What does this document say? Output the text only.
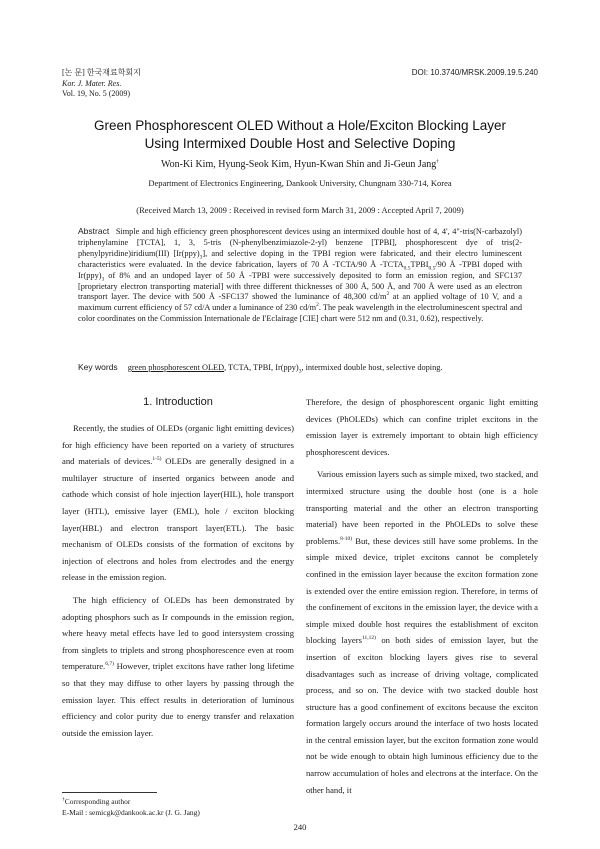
[논 문] 한국재료학회지
Kor. J. Mater. Res.
Vol. 19, No. 5 (2009)
DOI: 10.3740/MRSK.2009.19.5.240
Green Phosphorescent OLED Without a Hole/Exciton Blocking Layer
Using Intermixed Double Host and Selective Doping
Won-Ki Kim, Hyung-Seok Kim, Hyun-Kwan Shin and Ji-Geun Jang†
Department of Electronics Engineering, Dankook University, Chungnam 330-714, Korea
(Received March 13, 2009 : Received in revised form March 31, 2009 : Accepted April 7, 2009)
Abstract Simple and high efficiency green phosphorescent devices using an intermixed double host of 4, 4', 4"-tris(N-carbazolyl) triphenylamine [TCTA], 1, 3, 5-tris (N-phenylbenzimiazole-2-yl) benzene [TPBI], phosphorescent dye of tris(2- phenylpyridine)iridium(III) $[Ir(ppy)_3]$, and selective doping in the TPBI region were fabricated, and their electro luminescent characteristics were evaluated. In the device fabrication, layers of 70 Å -TCTA/90 Å $-TCTA_{0.5}TPBI_{0.5}/90$ Å -TPBI doped with $Ir(ppy)_3$ of 8% and an undoped layer of 50 Å -TPBI were successively deposited to form an emission region, and SFC137 [proprietary electron transporting material] with three different thicknesses of 300 Å, 500 Å, and 700 Å were used as an electron transport layer. The device with 500 Å -SFC137 showed the luminance of 48,300 $cd/m^2$ at an applied voltage of 10 V, and a maximum current efficiency of 57 cd/A under a luminance of 230 $cd/m^2$. The peak wavelength in the electroluminescent spectral and color coordinates on the Commission Internationale de I'Eclairage [CIE] chart were 512 nm and (0.31, 0.62), respectively.
Key words green phosphorescent OLED, TCTA, TPBI, $Ir(ppy)_3$, intermixed double host, selective doping.
1. Introduction

Recently, the studies of OLEDs (organic light emitting devices) for high efficiency have been reported on a variety of structures and materials of devices.$^{1-5)}$ OLEDs are generally designed in a multilayer structure of inserted organics between anode and cathode which consist of hole injection layer(HIL), hole transport layer (HTL), emissive layer (EML), hole / exciton blocking layer(HBL) and electron transport layer(ETL). The basic mechanism of OLEDs consists of the formation of excitons by injection of electrons and holes from electrodes and the energy release in the emission region.

The high efficiency of OLEDs has been demonstrated by adopting phosphors such as Ir compounds in the emission region, where heavy metal effects have led to good intersystem crossing from singlets to triplets and strong phosphorescence even at room temperature.$^{6,7)}$ However, triplet excitons have rather long lifetime so that they may diffuse to other layers by passing through the emission layer. This effect results in deterioration of luminous efficiency and color purity due to energy transfer and relaxation outside the emission layer.

Therefore, the design of phosphorescent organic light emitting devices (PhOLEDs) which can confine triplet excitons in the emission layer is extremely important to obtain high efficiency phosphorescent devices.

Various emission layers such as simple mixed, two stacked, and intermixed structure using the double host (one is a hole transporting material and the other an electron transporting material) have been reported in the PhOLEDs to solve these problems.$^{8-10)}$ But, these devices still have some problems. In the simple mixed device, triplet excitons cannot be completely confined in the emission layer because the exciton formation zone is extended over the entire emission region. Therefore, in terms of the confinement of excitons in the emission layer, the device with a simple mixed double host requires the establishment of exciton blocking layers$^{11,12)}$ on both sides of emission layer, but the insertion of exciton blocking layers gives rise to several disadvantages such as increase of driving voltage, complicated process, and so on. The device with two stacked double host structure has a good confinement of excitons because the exciton formation largely occurs around the interface of two hosts located in the central emission layer, but the exciton formation zone would not be wide enough to obtain high luminous efficiency due to the narrow accumulation of holes and electrons at the interface. On the other hand, it

†Corresponding author
E-Mail : semicgk@dankook.ac.kr (J. G. Jang)
240
